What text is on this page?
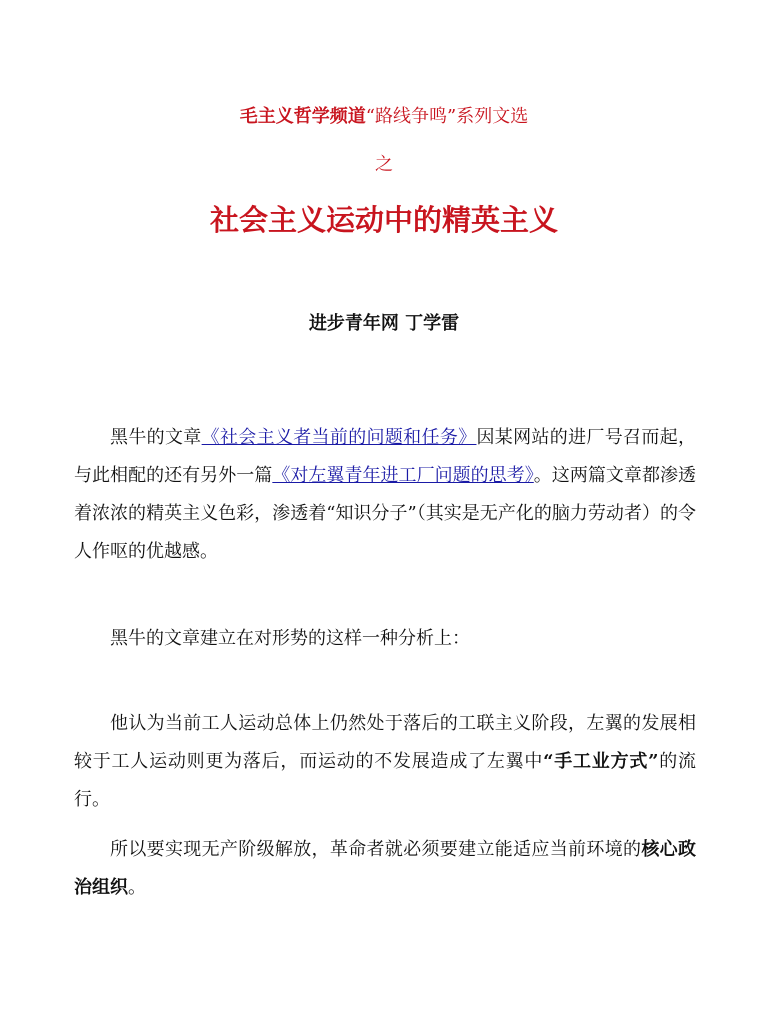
毛主义哲学频道“路线争鸣”系列文选
之
社会主义运动中的精英主义
进步青年网 丁学雷

黑牛的文章《社会主义者当前的问题和任务》因某网站的进厂号召而起，与此相配的还有另外一篇《对左翼青年进工厂问题的思考》。这两篇文章都渗透着浓浓的精英主义色彩，渗透着“知识分子”（其实是无产化的脑力劳动者）的令人作呕的优越感。

黑牛的文章建立在对形势的这样一种分析上：

他认为当前工人运动总体上仍然处于落后的工联主义阶段，左翼的发展相较于工人运动则更为落后，而运动的不发展造成了左翼中“手工业方式”的流行。

所以要实现无产阶级解放，革命者就必须要建立能适应当前环境的核心政治组织。
